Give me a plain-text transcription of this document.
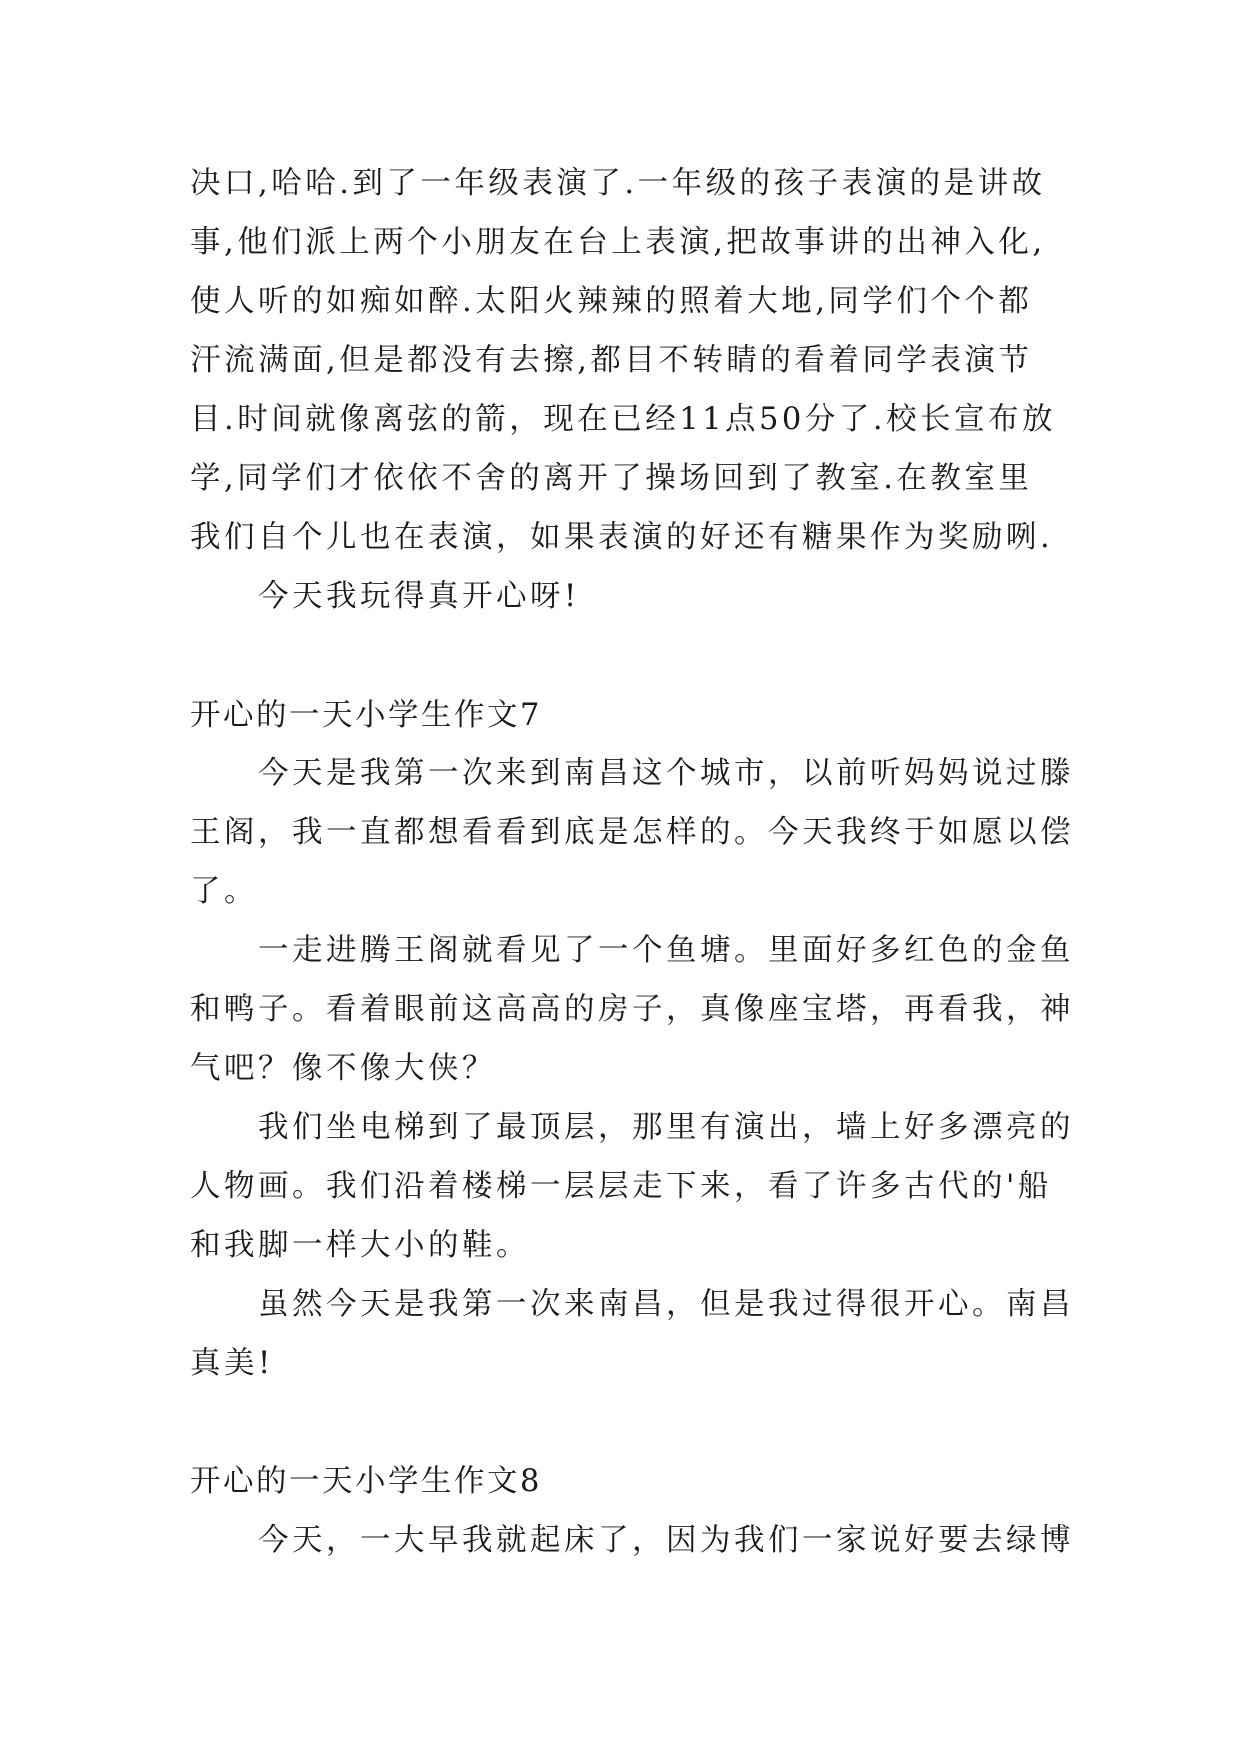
决口,哈哈.到了一年级表演了.一年级的孩子表演的是讲故
事,他们派上两个小朋友在台上表演,把故事讲的出神入化,
使人听的如痴如醉.太阳火辣辣的照着大地,同学们个个都
汗流满面,但是都没有去擦,都目不转睛的看着同学表演节
目.时间就像离弦的箭，现在已经11点50分了.校长宣布放
学,同学们才依依不舍的离开了操场回到了教室.在教室里
我们自个儿也在表演，如果表演的好还有糖果作为奖励咧.
今天我玩得真开心呀!
开心的一天小学生作文7
今天是我第一次来到南昌这个城市，以前听妈妈说过滕
王阁，我一直都想看看到底是怎样的。今天我终于如愿以偿
了。
一走进腾王阁就看见了一个鱼塘。里面好多红色的金鱼
和鸭子。看着眼前这高高的房子，真像座宝塔，再看我，神
气吧？像不像大侠？
我们坐电梯到了最顶层，那里有演出，墙上好多漂亮的
人物画。我们沿着楼梯一层层走下来，看了许多古代的'船
和我脚一样大小的鞋。
虽然今天是我第一次来南昌，但是我过得很开心。南昌
真美!
开心的一天小学生作文8
今天，一大早我就起床了，因为我们一家说好要去绿博
